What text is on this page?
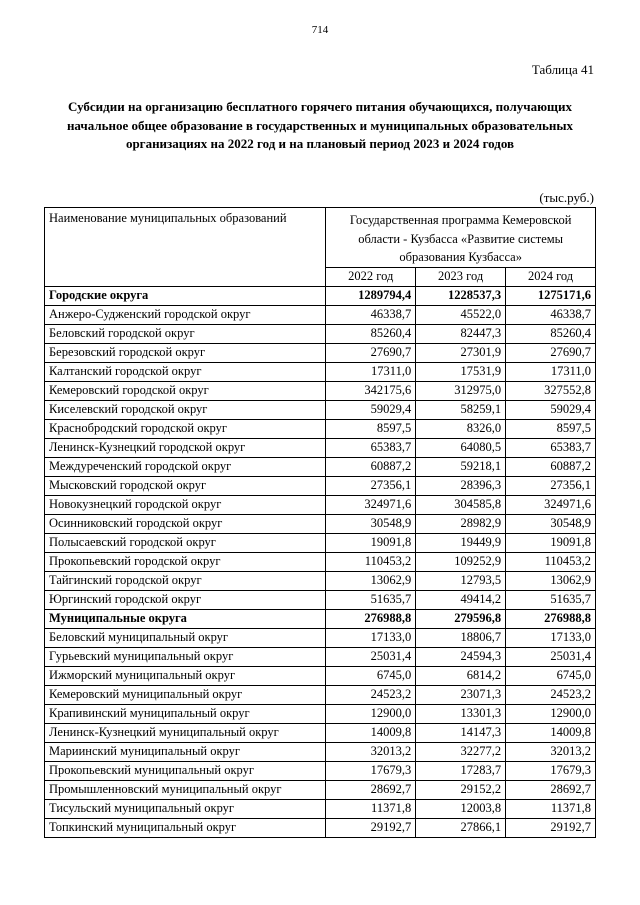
714
Таблица 41
Субсидии на организацию бесплатного горячего питания обучающихся, получающих начальное общее образование в государственных и муниципальных образовательных организациях на 2022 год и на плановый период 2023 и 2024 годов
(тыс.руб.)
Наименование муниципальных образований	Государственная программа Кемеровской области - Кузбасса «Развитие системы образования Кузбасса»		
	2022 год	2023 год	2024 год
Городские округа	1289794,4	1228537,3	1275171,6
Анжеро-Судженский городской округ	46338,7	45522,0	46338,7
Беловский городской округ	85260,4	82447,3	85260,4
Березовский городской округ	27690,7	27301,9	27690,7
Калтанский городской округ	17311,0	17531,9	17311,0
Кемеровский городской округ	342175,6	312975,0	327552,8
Киселевский городской округ	59029,4	58259,1	59029,4
Краснобродский городской округ	8597,5	8326,0	8597,5
Ленинск-Кузнецкий городской округ	65383,7	64080,5	65383,7
Междуреченский городской округ	60887,2	59218,1	60887,2
Мысковский городской округ	27356,1	28396,3	27356,1
Новокузнецкий городской округ	324971,6	304585,8	324971,6
Осинниковский городской округ	30548,9	28982,9	30548,9
Полысаевский городской округ	19091,8	19449,9	19091,8
Прокопьевский городской округ	110453,2	109252,9	110453,2
Тайгинский городской округ	13062,9	12793,5	13062,9
Юргинский городской округ	51635,7	49414,2	51635,7
Муниципальные округа	276988,8	279596,8	276988,8
Беловский муниципальный округ	17133,0	18806,7	17133,0
Гурьевский муниципальный округ	25031,4	24594,3	25031,4
Ижморский муниципальный округ	6745,0	6814,2	6745,0
Кемеровский муниципальный округ	24523,2	23071,3	24523,2
Крапивинский муниципальный округ	12900,0	13301,3	12900,0
Ленинск-Кузнецкий муниципальный округ	14009,8	14147,3	14009,8
Мариинский муниципальный округ	32013,2	32277,2	32013,2
Прокопьевский муниципальный округ	17679,3	17283,7	17679,3
Промышленновский муниципальный округ	28692,7	29152,2	28692,7
Тисульский муниципальный округ	11371,8	12003,8	11371,8
Топкинский муниципальный округ	29192,7	27866,1	29192,7
